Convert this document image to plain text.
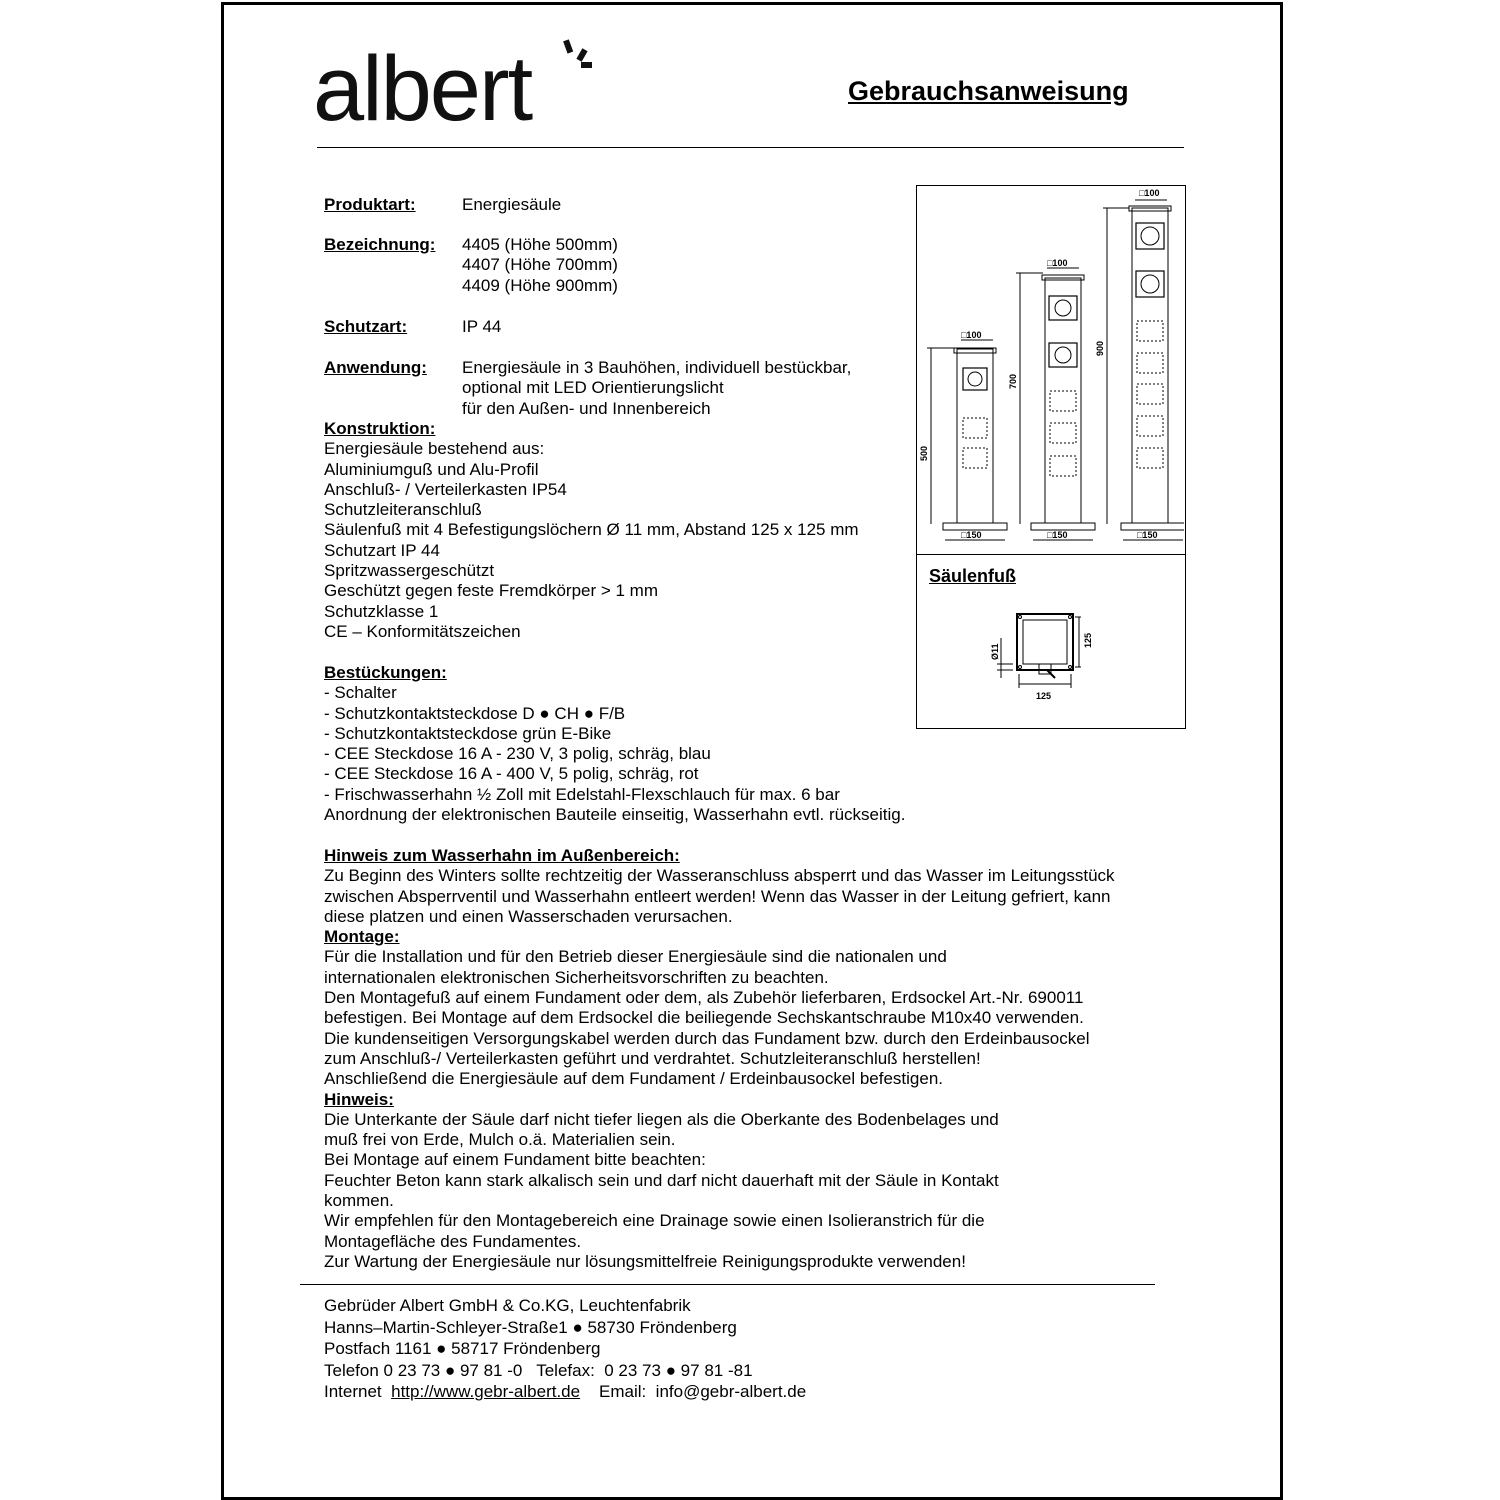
albert	Gebrauchsanweisung
Produktart:	Energiesäule
Bezeichnung: 4405 (Höhe 500mm)
4407 (Höhe 700mm)
4409 (Höhe 900mm)
Schutzart:	IP 44
Anwendung: Energiesäule in 3 Bauhöhen, individuell bestückbar,
optional mit LED Orientierungslicht
für den Außen- und Innenbereich
Konstruktion:
Energiesäule bestehend aus:
Aluminiumguß und Alu-Profil
Anschluß- / Verteilerkasten IP54
Schutzleiteranschluß
Säulenfuß mit 4 Befestigungslöchern Ø 11 mm, Abstand 125 x 125 mm
Schutzart IP 44
Spritzwassergeschützt
Geschützt gegen feste Fremdkörper > 1 mm
Schutzklasse 1
CE – Konformitätszeichen
Bestückungen:
- Schalter
- Schutzkontaktsteckdose D ● CH ● F/B
- Schutzkontaktsteckdose grün E-Bike
- CEE Steckdose 16 A - 230 V, 3 polig, schräg, blau
- CEE Steckdose 16 A - 400 V, 5 polig, schräg, rot
- Frischwasserhahn ½ Zoll mit Edelstahl-Flexschlauch für max. 6 bar
Anordnung der elektronischen Bauteile einseitig, Wasserhahn evtl. rückseitig.
Hinweis zum Wasserhahn im Außenbereich:
Zu Beginn des Winters sollte rechtzeitig der Wasseranschluss absperrt und das Wasser im Leitungsstück
zwischen Absperrventil und Wasserhahn entleert werden! Wenn das Wasser in der Leitung gefriert, kann
diese platzen und einen Wasserschaden verursachen.
Montage:
Für die Installation und für den Betrieb dieser Energiesäule sind die nationalen und
internationalen elektronischen Sicherheitsvorschriften zu beachten.
Den Montagefuß auf einem Fundament oder dem, als Zubehör lieferbaren, Erdsockel Art.-Nr. 690011
befestigen. Bei Montage auf dem Erdsockel die beiliegende Sechskantschraube M10x40 verwenden.
Die kundenseitigen Versorgungskabel werden durch das Fundament bzw. durch den Erdeinbausockel
zum Anschluß-/ Verteilerkasten geführt und verdrahtet. Schutzleiteranschluß herstellen!
Anschließend die Energiesäule auf dem Fundament / Erdeinbausockel befestigen.
Hinweis:
Die Unterkante der Säule darf nicht tiefer liegen als die Oberkante des Bodenbelages und
muß frei von Erde, Mulch o.ä. Materialien sein.
Bei Montage auf einem Fundament bitte beachten:
Feuchter Beton kann stark alkalisch sein und darf nicht dauerhaft mit der Säule in Kontakt
kommen.
Wir empfehlen für den Montagebereich eine Drainage sowie einen Isolieranstrich für die
Montagefläche des Fundamentes.
Zur Wartung der Energiesäule nur lösungsmittelfreie Reinigungsprodukte verwenden!
□100
□150
500
□100
□150
700
□100
□150
900
Säulenfuß
125
125
Ø11
Gebrüder Albert GmbH & Co.KG, Leuchtenfabrik
Hanns–Martin-Schleyer-Straße1 ● 58730 Fröndenberg
Postfach 1161 ● 58717 Fröndenberg
Telefon 0 23 73 ● 97 81 -0   Telefax:  0 23 73 ● 97 81 -81
Internet http://www.gebr-albert.de Email:  info@gebr-albert.de
